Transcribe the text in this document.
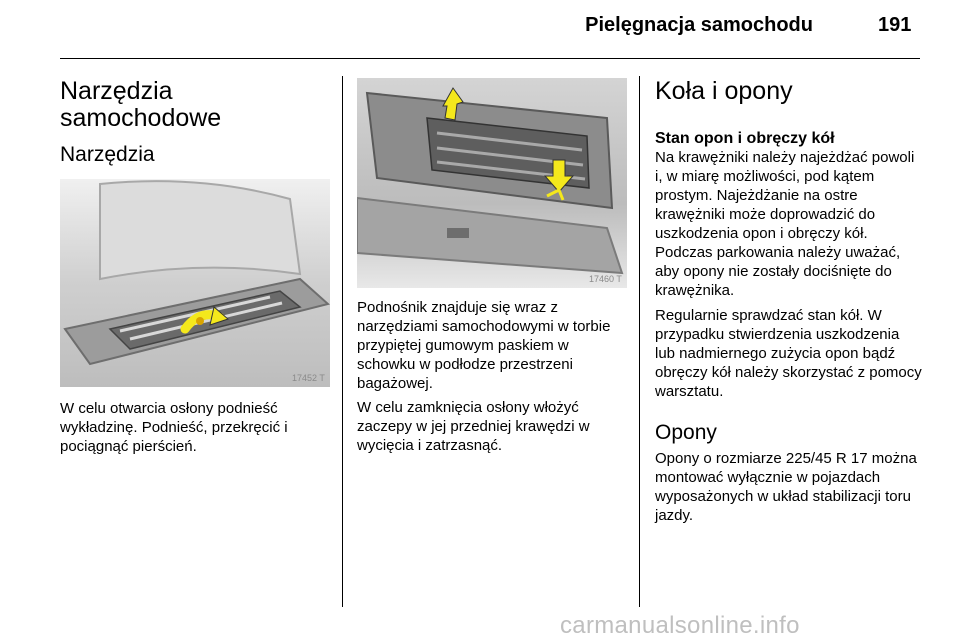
Pielęgnacja samochodu	191
Narzędzia samochodowe
Narzędzia
17452 T

W celu otwarcia osłony podnieść wykładzinę. Podnieść, przekręcić i pociągnąć pierścień.

17460 T

Podnośnik znajduje się wraz z narzędziami samochodowymi w torbie przypiętej gumowym paskiem w schowku w podłodze przestrzeni bagażowej.

W celu zamknięcia osłony włożyć zaczepy w jej przedniej krawędzi w wycięcia i zatrzasnąć.

Koła i opony
Stan opon i obręczy kół

Na krawężniki należy najeżdżać powoli i, w miarę możliwości, pod kątem prostym. Najeżdżanie na ostre krawężniki może doprowadzić do uszkodzenia opon i obręczy kół. Podczas parkowania należy uważać, aby opony nie zostały dociśnięte do krawężnika.

Regularnie sprawdzać stan kół. W przypadku stwierdzenia uszkodzenia lub nadmiernego zużycia opon bądź obręczy kół należy skorzystać z pomocy warsztatu.

Opony

Opony o rozmiarze 225/45 R 17 można montować wyłącznie w pojazdach wyposażonych w układ stabilizacji toru jazdy.

carmanualsonline.info
